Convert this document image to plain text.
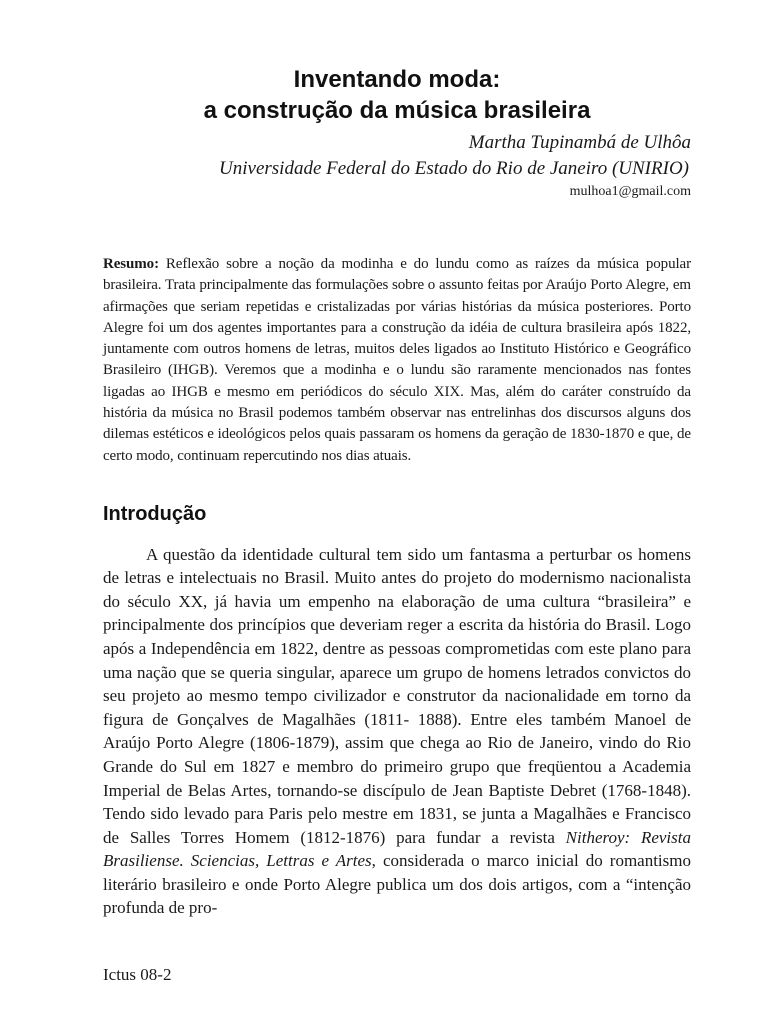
Inventando moda:
a construção da música brasileira
Martha Tupinambá de Ulhôa
Universidade Federal do Estado do Rio de Janeiro (UNIRIO)
mulhoa1@gmail.com

Resumo: Reflexão sobre a noção da modinha e do lundu como as raízes da música popular brasileira. Trata principalmente das formulações sobre o assunto feitas por Araújo Porto Alegre, em afirmações que seriam repetidas e cristalizadas por várias histórias da música posteriores. Porto Alegre foi um dos agentes importantes para a construção da idéia de cultura brasileira após 1822, juntamente com outros homens de letras, muitos deles ligados ao Instituto Histórico e Geográfico Brasileiro (IHGB). Veremos que a modinha e o lundu são raramente mencionados nas fontes ligadas ao IHGB e mesmo em periódicos do século XIX. Mas, além do caráter construído da história da música no Brasil podemos também observar nas entrelinhas dos discursos alguns dos dilemas estéticos e ideológicos pelos quais passaram os homens da geração de 1830-1870 e que, de certo modo, continuam repercutindo nos dias atuais.

Introdução

A questão da identidade cultural tem sido um fantasma a perturbar os homens de letras e intelectuais no Brasil. Muito antes do projeto do modernismo nacionalista do século XX, já havia um empenho na elaboração de uma cultura “brasileira” e principalmente dos princípios que deveriam reger a escrita da história do Brasil. Logo após a Independência em 1822, dentre as pessoas comprometidas com este plano para uma nação que se queria singular, aparece um grupo de homens letrados convictos do seu projeto ao mesmo tempo civilizador e construtor da nacionalidade em torno da figura de Gonçalves de Magalhães (1811- 1888). Entre eles também Manoel de Araújo Porto Alegre (1806-1879), assim que chega ao Rio de Janeiro, vindo do Rio Grande do Sul em 1827 e membro do primeiro grupo que freqüentou a Academia Imperial de Belas Artes, tornando-se discípulo de Jean Baptiste Debret (1768-1848). Tendo sido levado para Paris pelo mestre em 1831, se junta a Magalhães e Francisco de Salles Torres Homem (1812-1876) para fundar a revista Nitheroy: Revista Brasiliense. Sciencias, Lettras e Artes, considerada o marco inicial do romantismo literário brasileiro e onde Porto Alegre publica um dos dois artigos, com a “intenção profunda de pro-

Ictus 08-2
